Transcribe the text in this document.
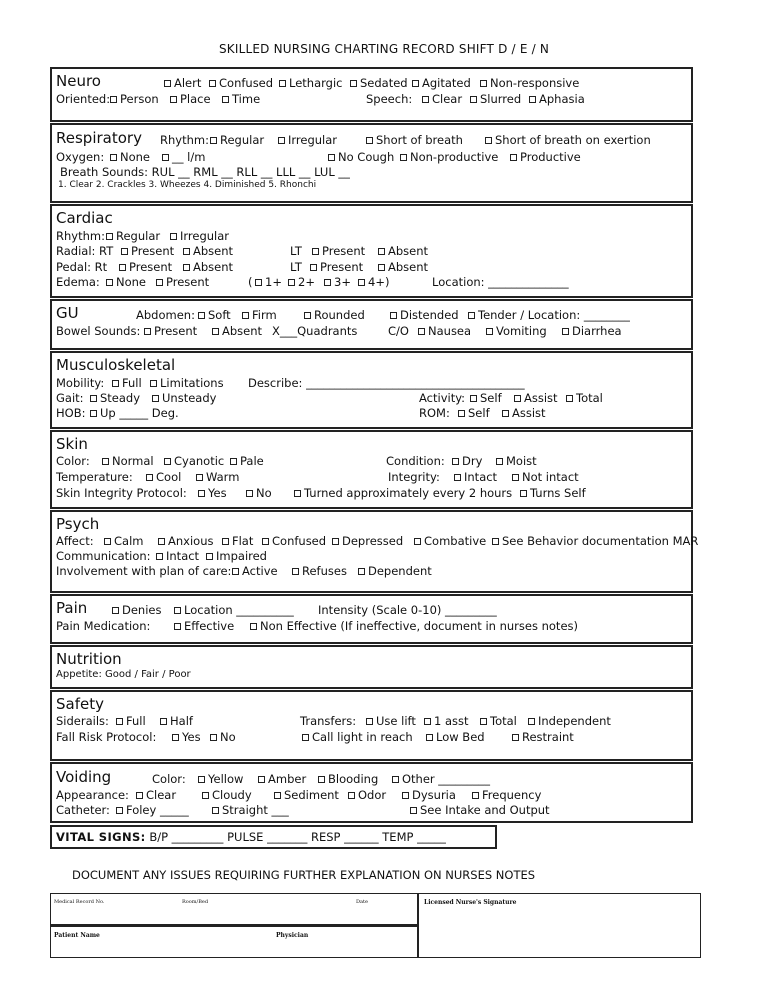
SKILLED NURSING CHARTING RECORD SHIFT D / E / N
Neuro	Alert	Confused	Lethargic	Sedated	Agitated	Non-responsive
Oriented: Person	Place	Time	Speech:	Clear	Slurred	Aphasia
Respiratory Rhythm: Regular	Irregular	Short of breath	Short of breath on exertion
Oxygen:	None	__ l/m	No Cough	Non-productive	Productive
Breath Sounds: RUL __ RML __ RLL __ LLL __ LUL __
1. Clear 2. Crackles 3. Wheezes 4. Diminished 5. Rhonchi
Cardiac
Rhythm: Regular	Irregular
Radial: RT	Present	Absent	LT	Present	Absent
Pedal: Rt	Present	Absent	LT	Present	Absent
Edema:	None	Present	(	1+	2+	3+	4+)	Location: ______________
GU	Abdomen:	Soft	Firm	Rounded	Distended	Tender / Location: ________
Bowel Sounds:	Present	Absent X___Quadrants	C/O	Nausea	Vomiting	Diarrhea
Musculoskeletal
Mobility:	Full	Limitations Describe: ______________________________________
Gait:	Steady	Unsteady	Activity:	Self	Assist	Total
HOB:	Up _____ Deg.	ROM:	Self	Assist
Skin
Color:	Normal	Cyanotic	Pale	Condition:	Dry	Moist
Temperature:	Cool	Warm	Integrity:	Intact	Not intact
Skin Integrity Protocol:	Yes	No	Turned approximately every 2 hours	Turns Self
Psych
Affect:	Calm	Anxious	Flat	Confused	Depressed	Combative	See Behavior documentation MAR
Communication:	Intact	Impaired
Involvement with plan of care: Active	Refuses	Dependent
Pain	Denies	Location __________ Intensity (Scale 0-10) _________
Pain Medication:	Effective	Non Effective (If ineffective, document in nurses notes)
Nutrition
Appetite: Good / Fair / Poor
Safety
Siderails:	Full	Half	Transfers:	Use lift	1 asst	Total	Independent
Fall Risk Protocol:	Yes	No	Call light in reach	Low Bed	Restraint
Voiding	Color:	Yellow	Amber	Blooding	Other _________
Appearance:	Clear	Cloudy	Sediment	Odor	Dysuria	Frequency
Catheter:	Foley _____	Straight ___	See Intake and Output
VITAL SIGNS: B/P _________ PULSE _______ RESP ______ TEMP _____
DOCUMENT ANY ISSUES REQUIRING FURTHER EXPLANATION ON NURSES NOTES
Medical Record No.	Room/Bed	Date	Licensed Nurse's Signature
Patient Name	Physician
